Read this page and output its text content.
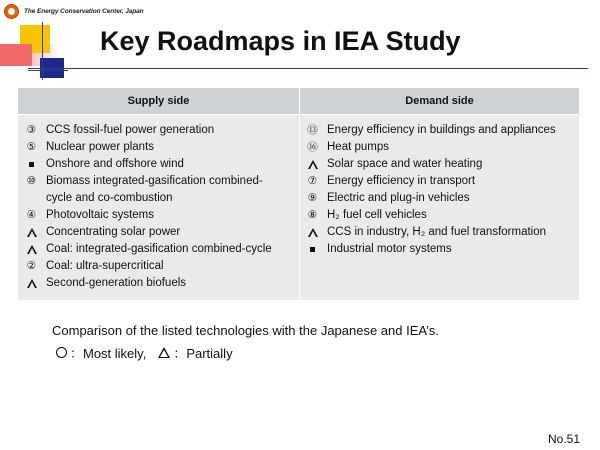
The Energy Conservation Center, Japan
Key Roadmaps in IEA Study
Supply side	Demand side
③ CCS fossil-fuel power generation
⑤ Nuclear power plants
Onshore and offshore wind
⑩ Biomass integrated-gasification combined-
cycle and co-combustion
④ Photovoltaic systems
Concentrating solar power
Coal: integrated-gasification combined-cycle
② Coal: ultra-supercritical
Second-generation biofuels
⑬ Energy efficiency in buildings and appliances
⑯ Heat pumps
Solar space and water heating
⑦ Energy efficiency in transport
⑨ Electric and plug-in vehicles
⑧ H₂ fuel cell vehicles
CCS in industry, H₂ and fuel transformation
Industrial motor systems
Comparison of the listed technologies with the Japanese and IEA’s.
：Most likely, ：Partially
No.51
